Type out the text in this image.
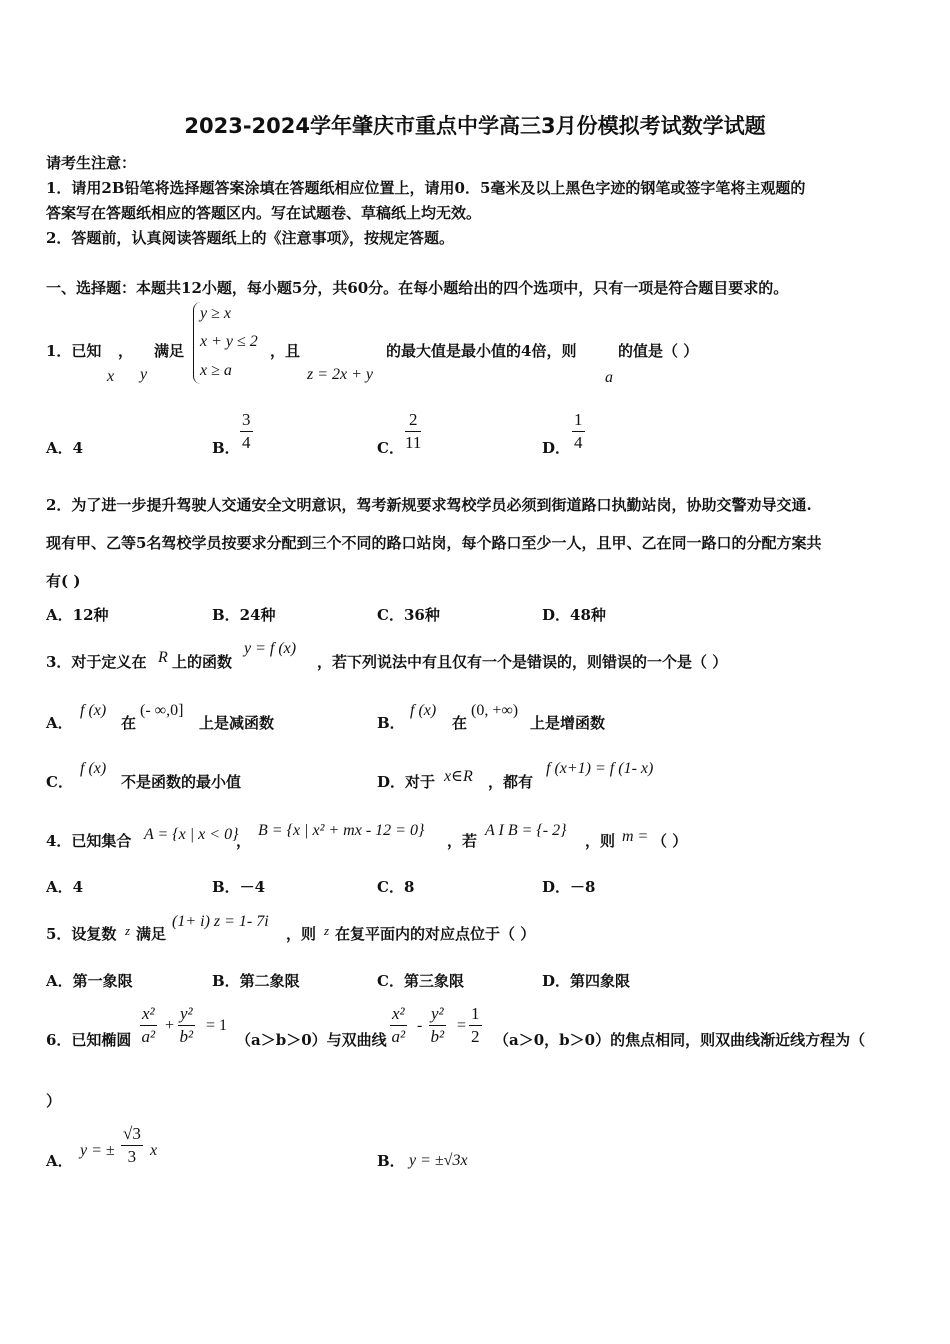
2023-2024学年肇庆市重点中学高三3月份模拟考试数学试题
请考生注意：
1．请用2B铅笔将选择题答案涂填在答题纸相应位置上，请用0．5毫米及以上黑色字迹的钢笔或签字笔将主观题的
答案写在答题纸相应的答题区内。写在试题卷、草稿纸上均无效。
2．答题前，认真阅读答题纸上的《注意事项》，按规定答题。
一、选择题：本题共12小题，每小题5分，共60分。在每小题给出的四个选项中，只有一项是符合题目要求的。
1．已知 ， 满足
x y
y ≥ x
x + y ≤ 2
x ≥ a
，且
z = 2x + y
的最大值是最小值的4倍，则	的值是（ ）
a
A．4	B． $\frac{3}{4}$	C． $\frac{2}{11}$	D． $\frac{1}{4}$
2．为了进一步提升驾驶人交通安全文明意识，驾考新规要求驾校学员必须到街道路口执勤站岗，协助交警劝导交通.
现有甲、乙等5名驾校学员按要求分配到三个不同的路口站岗，每个路口至少一人，且甲、乙在同一路口的分配方案共
有( )
A．12种	B．24种	C．36种	D．48种
3．对于定义在 R 上的函数
y = f (x)
，若下列说法中有且仅有一个是错误的，则错误的一个是（ ）
A．
f (x)
在
(- ∞,0]
上是减函数	B．
f (x)
在
(0, +∞)
上是增函数
C．
f (x)
不是函数的最小值	D．对于 x∈R ，都有
f (x+1) = f (1- x)
4．已知集合 A = {x | x < 0}
，
B = {x | x² + mx - 12 = 0}
，若
A I B = {- 2}
，则 m = （ ）
A．4	B．－4	C．8	D．－8
5．设复数 z 满足
(1+ i) z = 1- 7i
，则 z 在复平面内的对应点位于（ ）
A．第一象限	B．第二象限	C．第三象限	D．第四象限
6．已知椭圆 $\frac{\text{x²}}{\text{a²}} + \frac{\text{y²}}{\text{b²}} = 1$
（a＞b＞0）与双曲线 $\frac{\text{x²}}{\text{a²}} - \frac{\text{y²}}{\text{b²}} = \frac{1}{2} (a>0$，b＞0）的焦点相同，则双曲线渐近线方程为（
）
A．
y = ± $\frac{√3}{3}$ x
B． y = ±√3x
